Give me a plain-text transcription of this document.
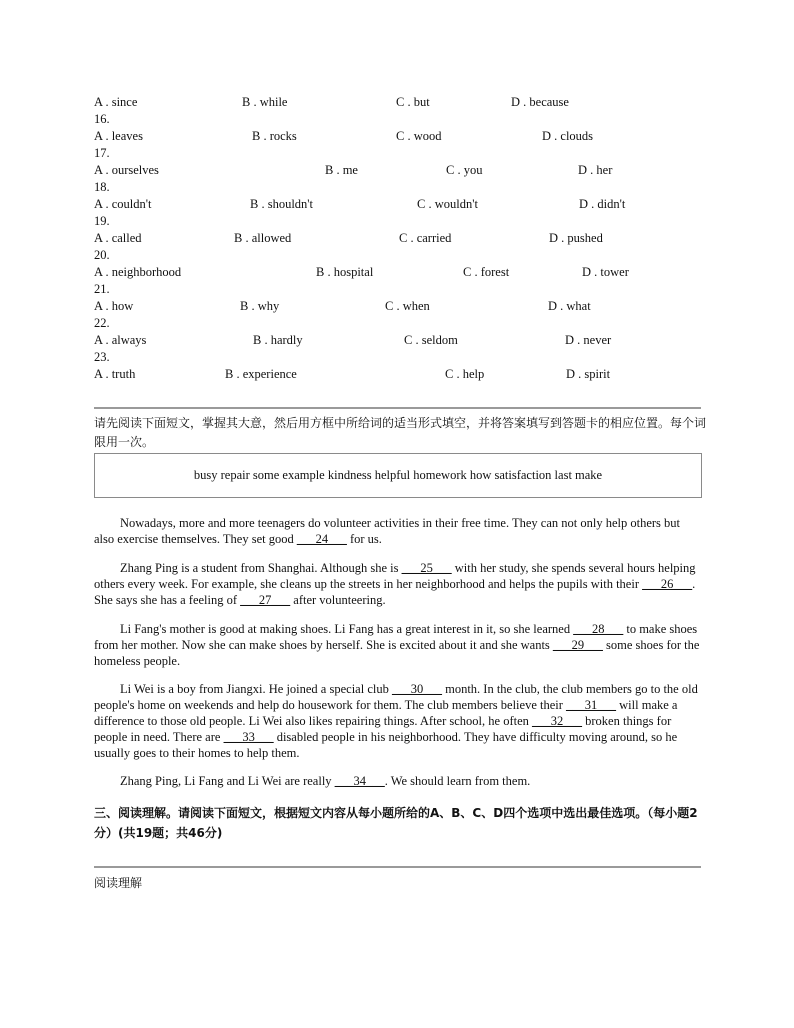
A . since	B . while	C . but	D . because
16.
A . leaves	B . rocks	C . wood	D . clouds
17.
A . ourselves	B . me	C . you	D . her
18.
A . couldn't	B . shouldn't	C . wouldn't	D . didn't
19.
A . called	B . allowed	C . carried	D . pushed
20.
A . neighborhood	B . hospital	C . forest	D . tower
21.
A . how	B . why	C . when	D . what
22.
A . always	B . hardly	C . seldom	D . never
23.
A . truth	B . experience	C . help	D . spirit
请先阅读下面短文，掌握其大意，然后用方框中所给词的适当形式填空，并将答案填写到答题卡的相应位置。每个词限用一次。
busy repair some example kindness helpful homework how satisfaction last make

Nowadays, more and more teenagers do volunteer activities in their free time. They can not only help others but also exercise themselves. They set good ___24___ for us.

Zhang Ping is a student from Shanghai. Although she is ___25___ with her study, she spends several hours helping others every week. For example, she cleans up the streets in her neighborhood and helps the pupils with their ___26___. She says she has a feeling of ___27___ after volunteering.

Li Fang's mother is good at making shoes. Li Fang has a great interest in it, so she learned ___28___ to make shoes from her mother. Now she can make shoes by herself. She is excited about it and she wants ___29___ some shoes for the homeless people.

Li Wei is a boy from Jiangxi. He joined a special club ___30___ month. In the club, the club members go to the old people's home on weekends and help do housework for them. The club members believe their ___31___ will make a difference to those old people. Li Wei also likes repairing things. After school, he often ___32___ broken things for people in need. There are ___33___ disabled people in his neighborhood. They have difficulty moving around, so he usually goes to their homes to help them.

Zhang Ping, Li Fang and Li Wei are really ___34___. We should learn from them.

三、阅读理解。请阅读下面短文，根据短文内容从每小题所给的A、B、C、D四个选项中选出最佳选项。（每小题2分）(共19题；共46分)
阅读理解
